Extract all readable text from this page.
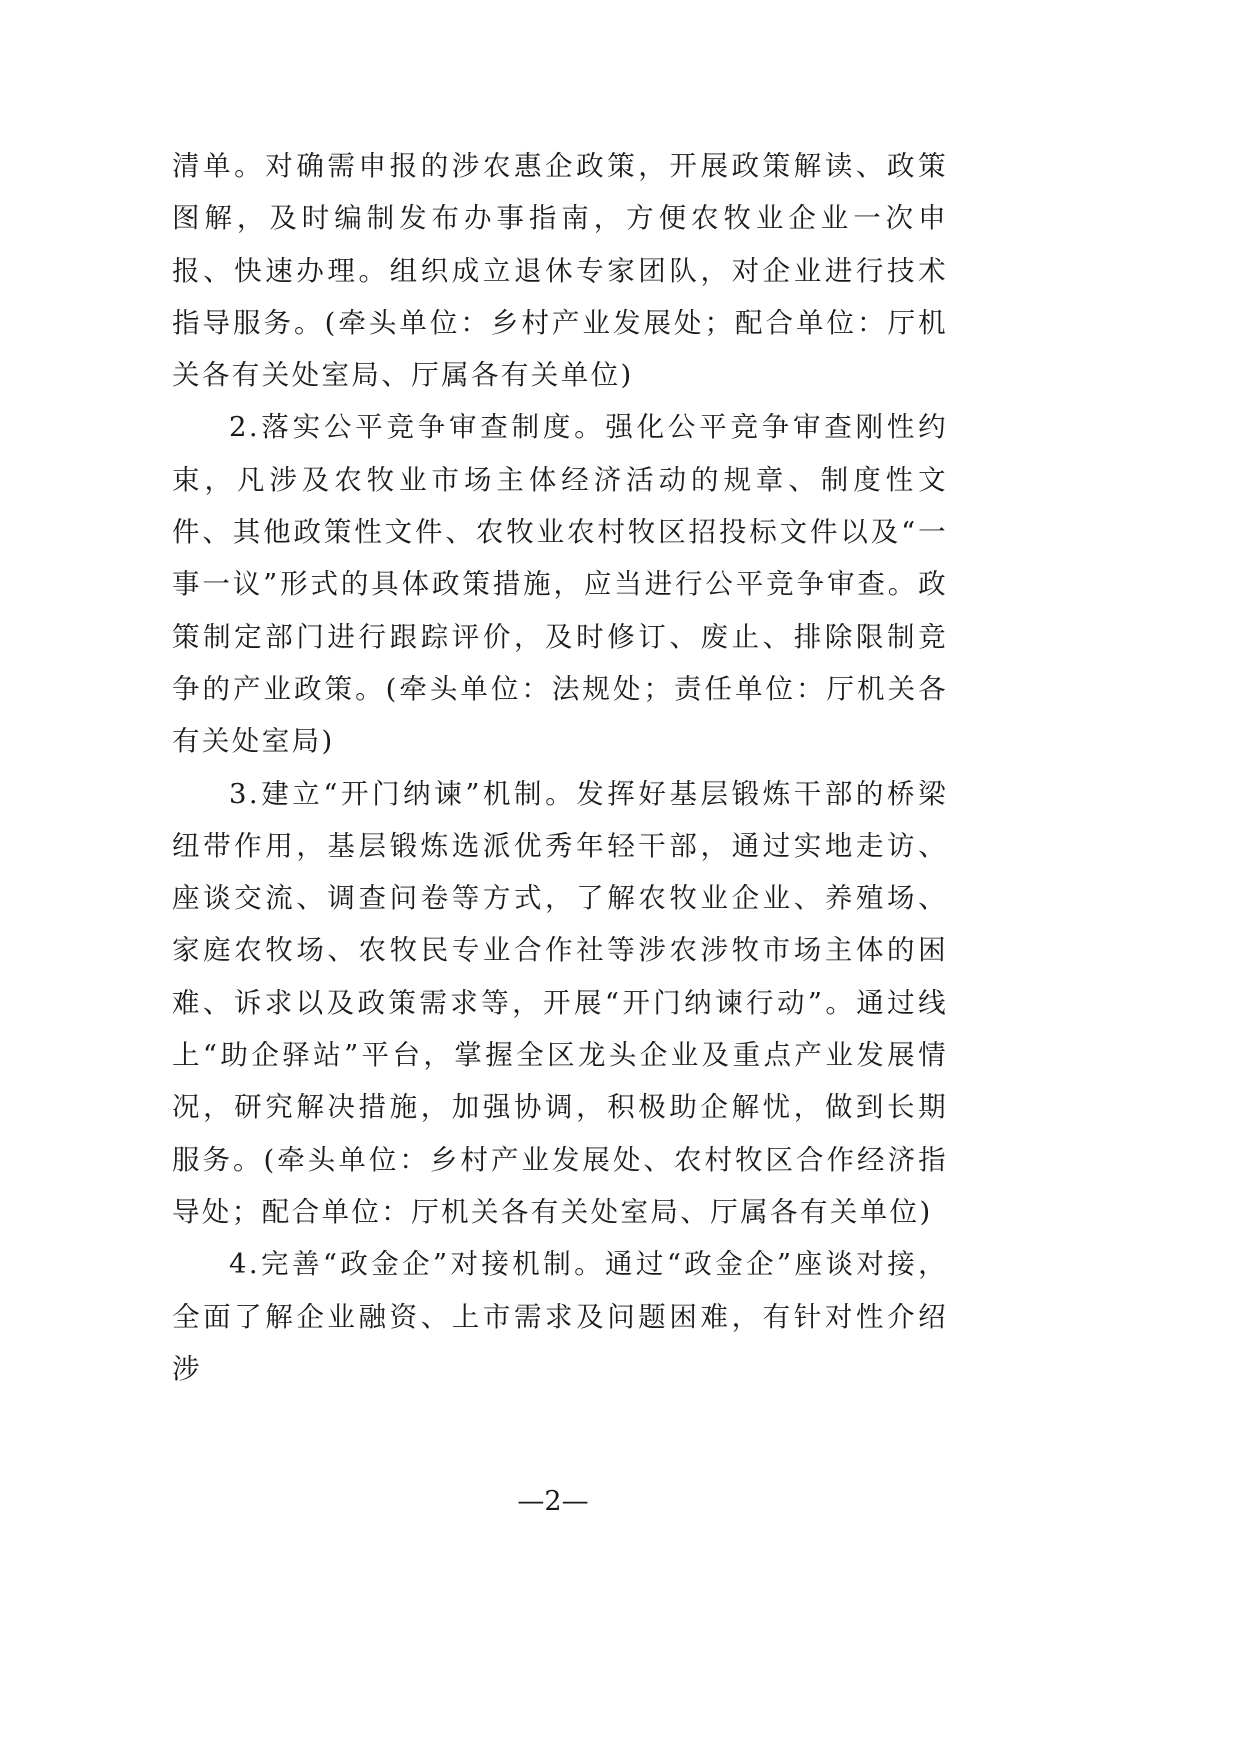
清单。对确需申报的涉农惠企政策，开展政策解读、政策图解，及时编制发布办事指南，方便农牧业企业一次申报、快速办理。组织成立退休专家团队，对企业进行技术指导服务。(牵头单位：乡村产业发展处；配合单位：厅机关各有关处室局、厅属各有关单位)

2.落实公平竞争审查制度。强化公平竞争审查刚性约束，凡涉及农牧业市场主体经济活动的规章、制度性文件、其他政策性文件、农牧业农村牧区招投标文件以及“一事一议”形式的具体政策措施，应当进行公平竞争审查。政策制定部门进行跟踪评价，及时修订、废止、排除限制竞争的产业政策。(牵头单位：法规处；责任单位：厅机关各有关处室局)

3.建立“开门纳谏”机制。发挥好基层锻炼干部的桥梁纽带作用，基层锻炼选派优秀年轻干部，通过实地走访、座谈交流、调查问卷等方式，了解农牧业企业、养殖场、家庭农牧场、农牧民专业合作社等涉农涉牧市场主体的困难、诉求以及政策需求等，开展“开门纳谏行动”。通过线上“助企驿站”平台，掌握全区龙头企业及重点产业发展情况，研究解决措施，加强协调，积极助企解忧，做到长期服务。(牵头单位：乡村产业发展处、农村牧区合作经济指导处；配合单位：厅机关各有关处室局、厅属各有关单位)

4.完善“政金企”对接机制。通过“政金企”座谈对接，全面了解企业融资、上市需求及问题困难，有针对性介绍涉

—2—
